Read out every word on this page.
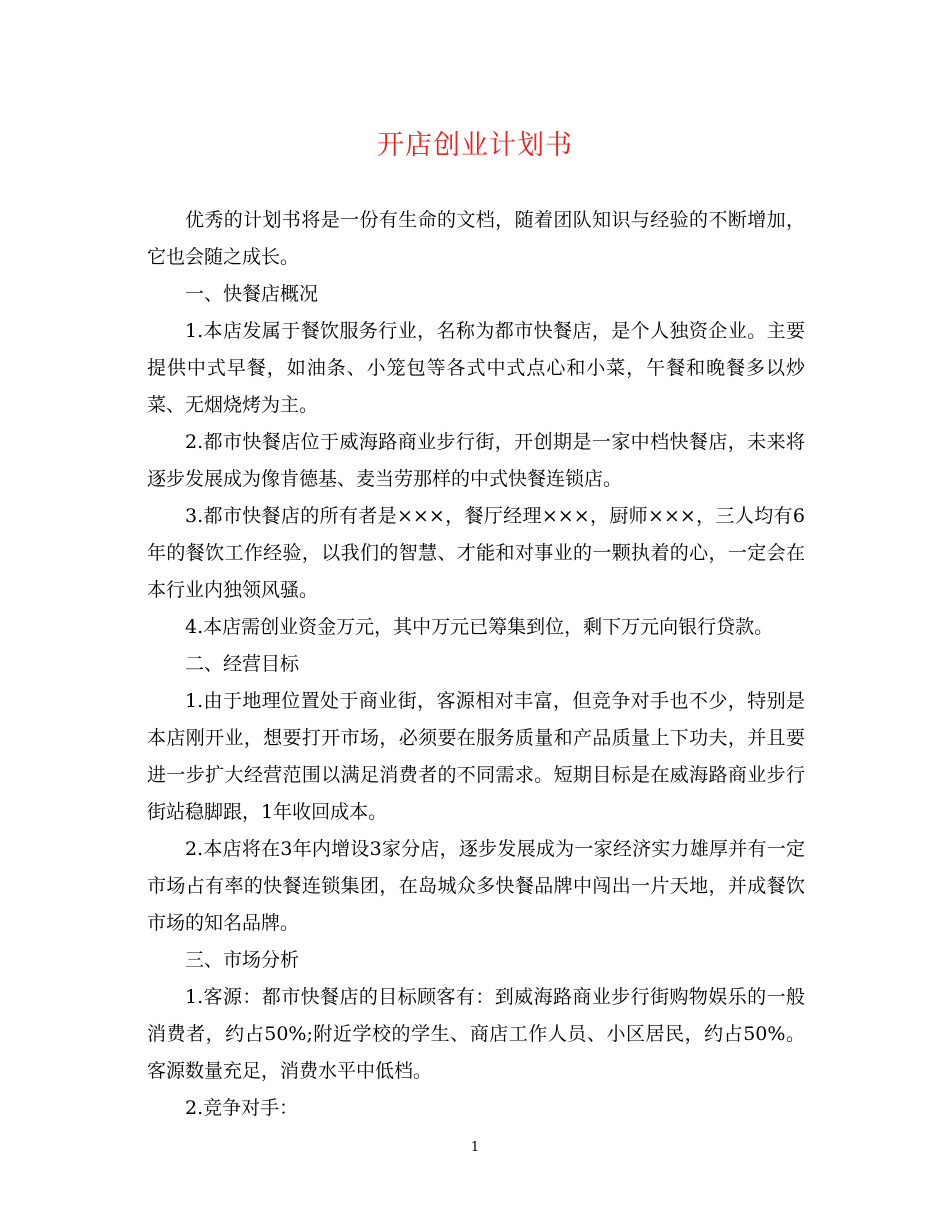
开店创业计划书

优秀的计划书将是一份有生命的文档，随着团队知识与经验的不断增加，它也会随之成长。

一、快餐店概况

1.本店发属于餐饮服务行业，名称为都市快餐店，是个人独资企业。主要提供中式早餐，如油条、小笼包等各式中式点心和小菜，午餐和晚餐多以炒菜、无烟烧烤为主。

2.都市快餐店位于威海路商业步行街，开创期是一家中档快餐店，未来将逐步发展成为像肯德基、麦当劳那样的中式快餐连锁店。

3.都市快餐店的所有者是×××，餐厅经理×××，厨师×××，三人均有6年的餐饮工作经验，以我们的智慧、才能和对事业的一颗执着的心，一定会在本行业内独领风骚。

4.本店需创业资金万元，其中万元已筹集到位，剩下万元向银行贷款。

二、经营目标

1.由于地理位置处于商业街，客源相对丰富，但竞争对手也不少，特别是本店刚开业，想要打开市场，必须要在服务质量和产品质量上下功夫，并且要进一步扩大经营范围以满足消费者的不同需求。短期目标是在威海路商业步行街站稳脚跟，1年收回成本。

2.本店将在3年内增设3家分店，逐步发展成为一家经济实力雄厚并有一定市场占有率的快餐连锁集团，在岛城众多快餐品牌中闯出一片天地，并成餐饮市场的知名品牌。

三、市场分析

1.客源：都市快餐店的目标顾客有：到威海路商业步行街购物娱乐的一般消费者，约占50%;附近学校的学生、商店工作人员、小区居民，约占50%。客源数量充足，消费水平中低档。

2.竞争对手：

1
